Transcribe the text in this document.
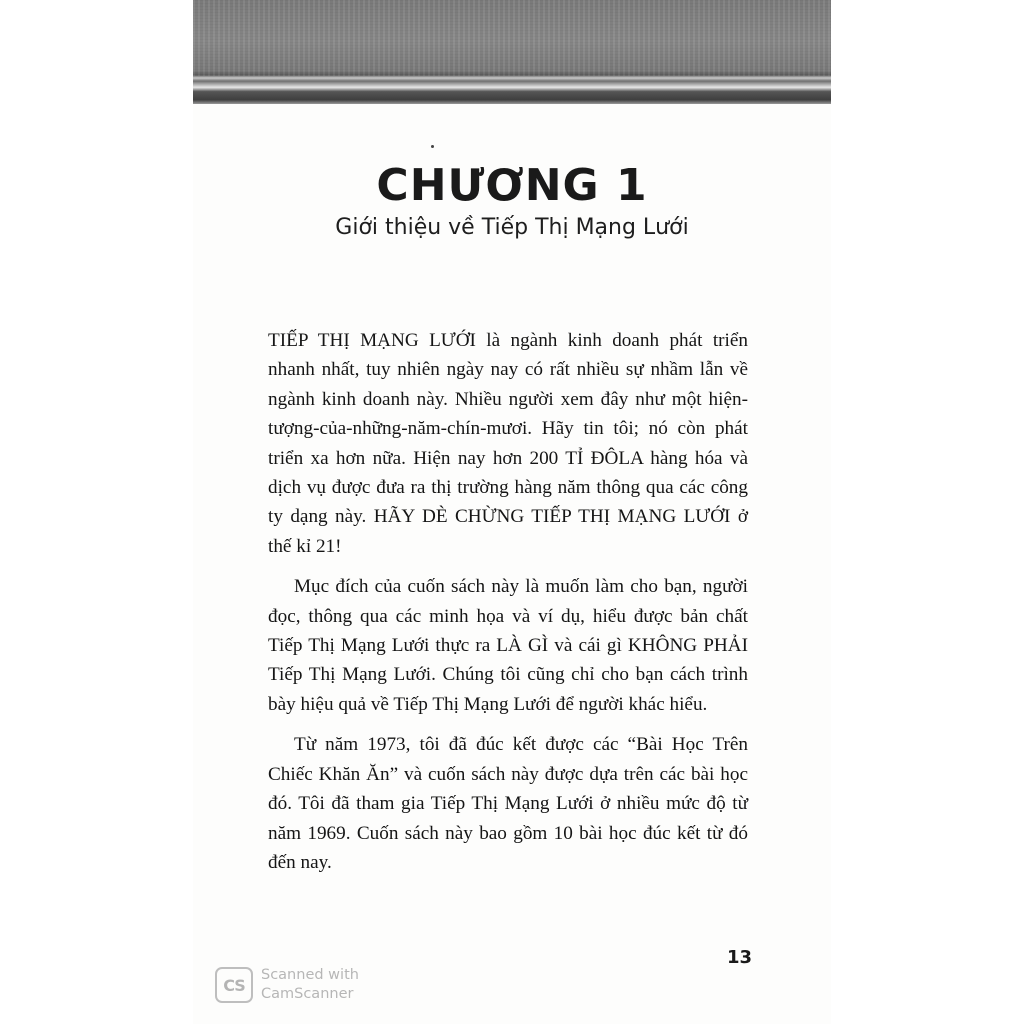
CHƯƠNG 1
Giới thiệu về Tiếp Thị Mạng Lưới

TIẾP THỊ MẠNG LƯỚI là ngành kinh doanh phát triển nhanh nhất, tuy nhiên ngày nay có rất nhiều sự nhầm lẫn về ngành kinh doanh này. Nhiều người xem đây như một hiện-tượng-của-những-năm-chín-mươi. Hãy tin tôi; nó còn phát triển xa hơn nữa. Hiện nay hơn 200 TỈ ĐÔLA hàng hóa và dịch vụ được đưa ra thị trường hàng năm thông qua các công ty dạng này. HÃY DÈ CHỪNG TIẾP THỊ MẠNG LƯỚI ở thế kỉ 21!

Mục đích của cuốn sách này là muốn làm cho bạn, người đọc, thông qua các minh họa và ví dụ, hiểu được bản chất Tiếp Thị Mạng Lưới thực ra LÀ GÌ và cái gì KHÔNG PHẢI Tiếp Thị Mạng Lưới. Chúng tôi cũng chỉ cho bạn cách trình bày hiệu quả về Tiếp Thị Mạng Lưới để người khác hiểu.

Từ năm 1973, tôi đã đúc kết được các “Bài Học Trên Chiếc Khăn Ăn” và cuốn sách này được dựa trên các bài học đó. Tôi đã tham gia Tiếp Thị Mạng Lưới ở nhiều mức độ từ năm 1969. Cuốn sách này bao gồm 10 bài học đúc kết từ đó đến nay.

13
CS
Scanned with
CamScanner
